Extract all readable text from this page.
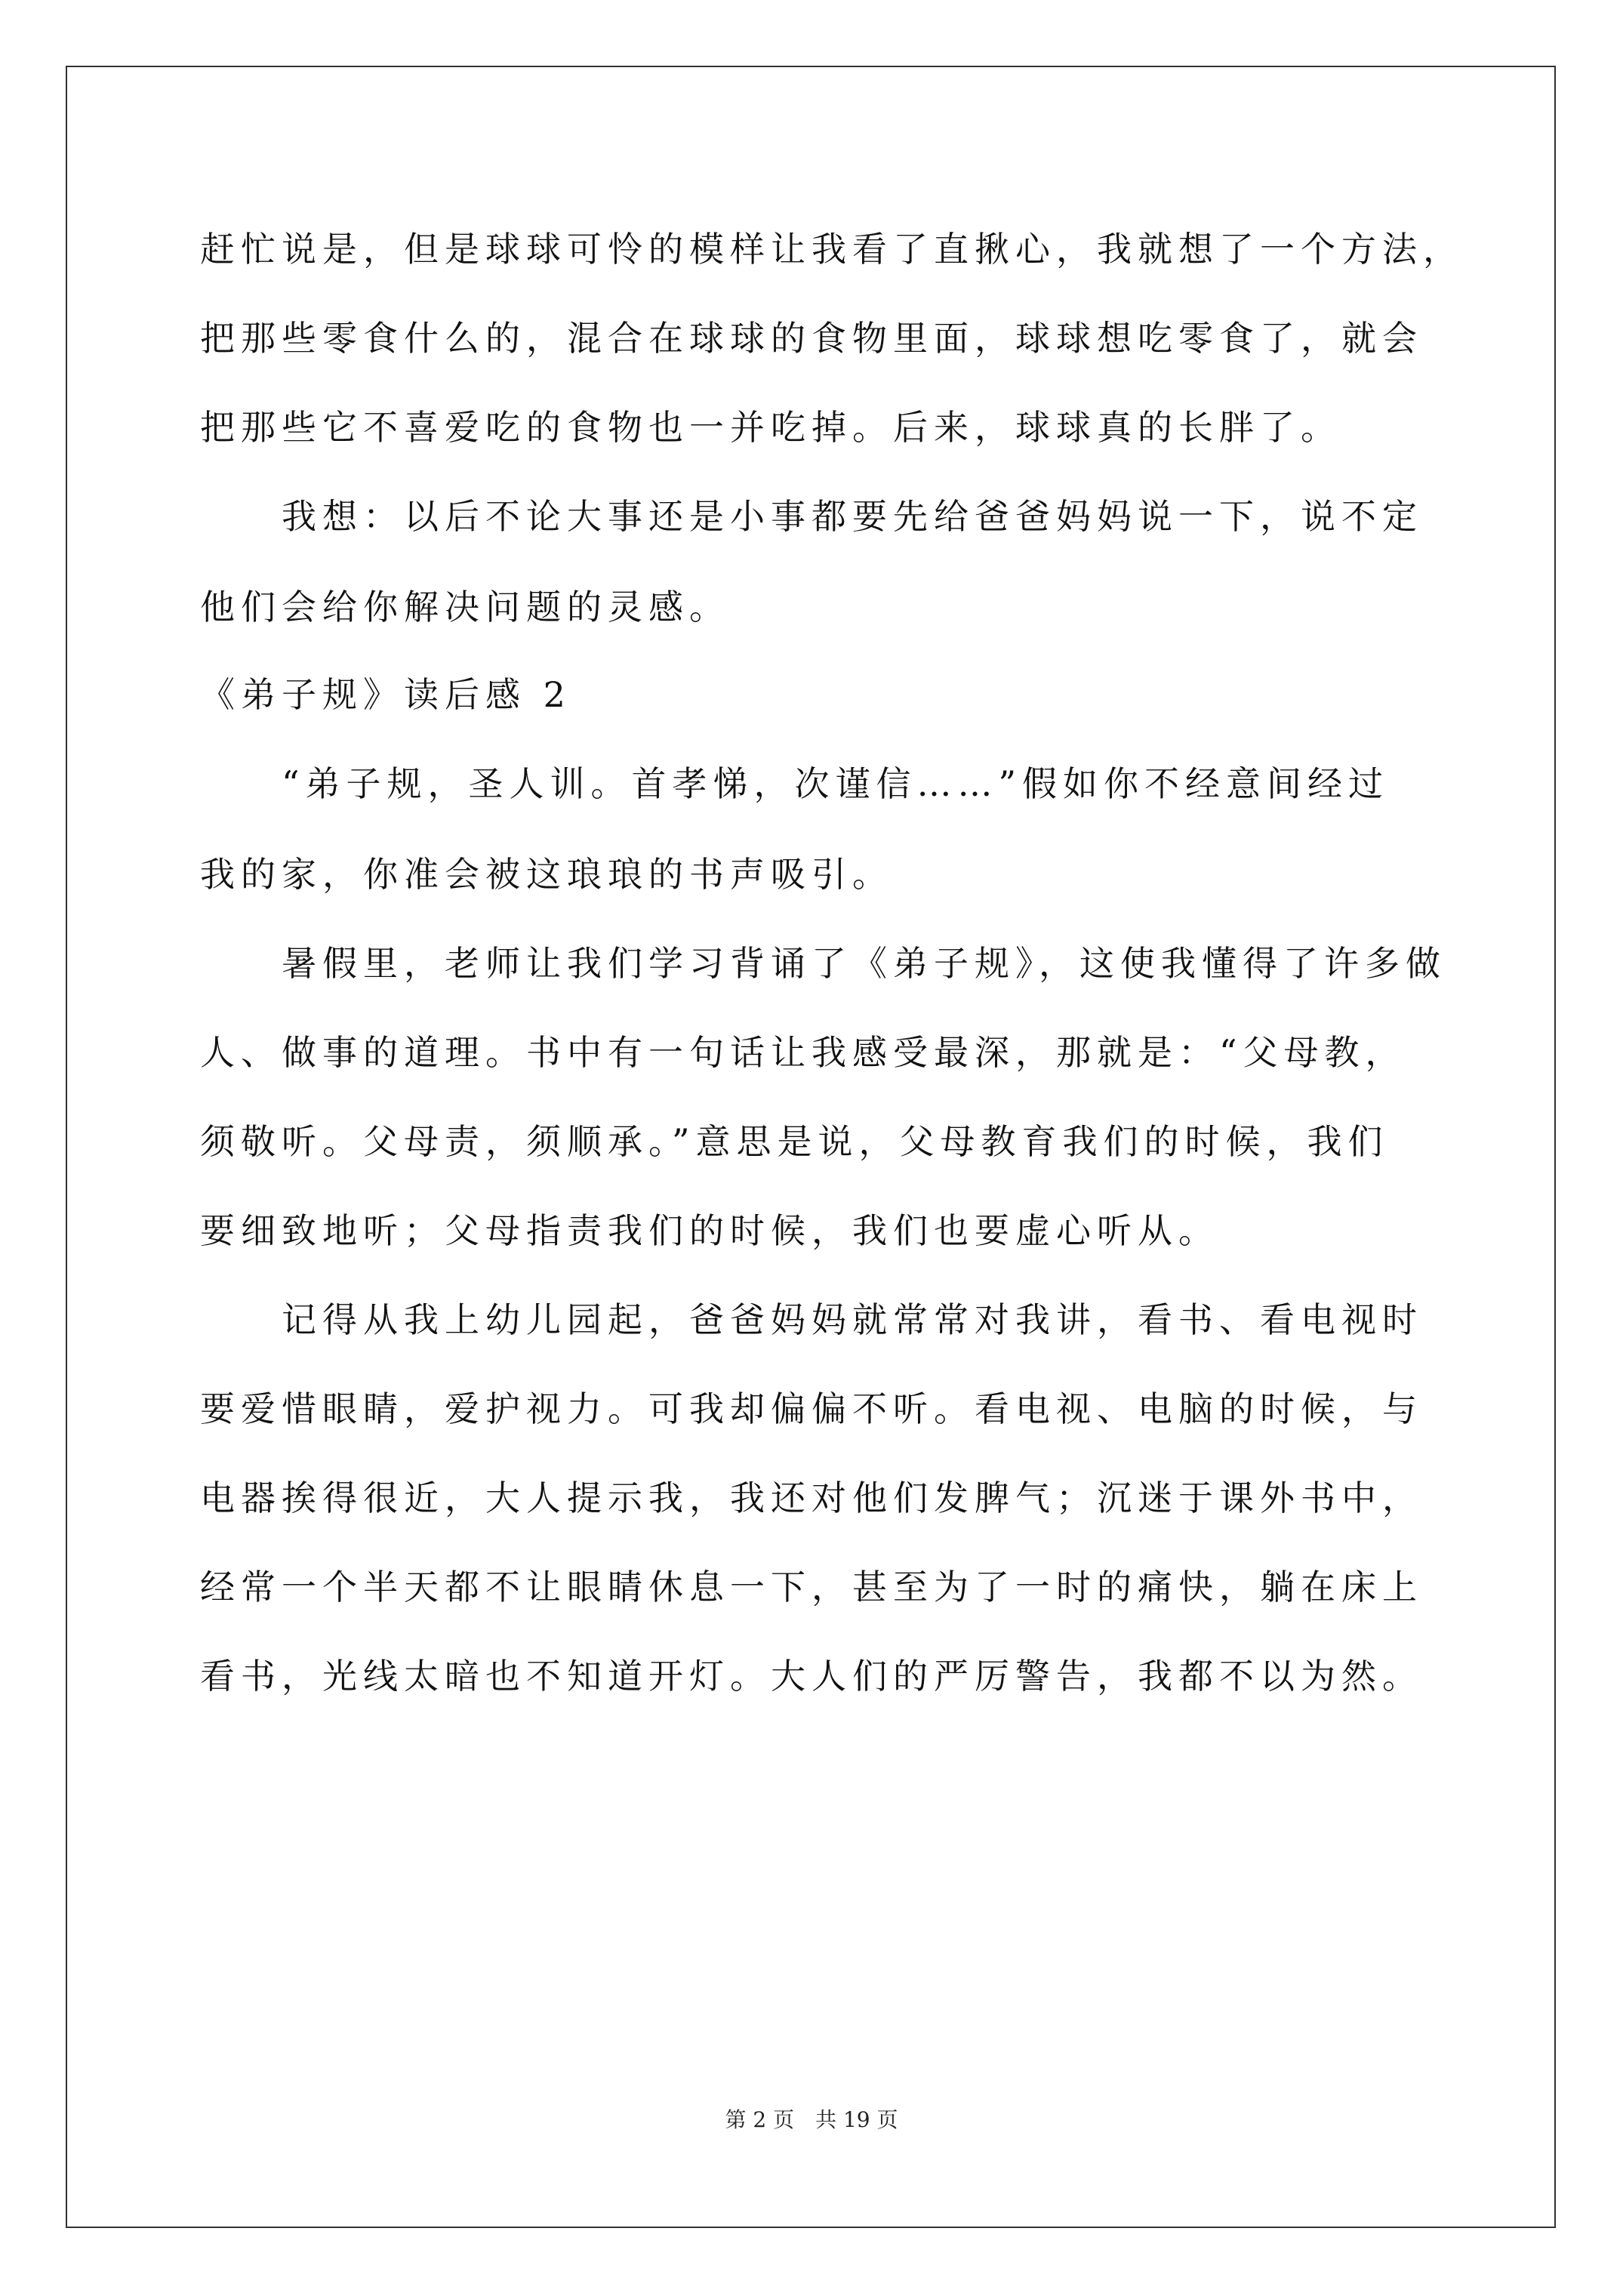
赶忙说是，但是球球可怜的模样让我看了直揪心，我就想了一个方法，
把那些零食什么的，混合在球球的食物里面，球球想吃零食了，就会
把那些它不喜爱吃的食物也一并吃掉。后来，球球真的长胖了。
　　我想：以后不论大事还是小事都要先给爸爸妈妈说一下，说不定
他们会给你解决问题的灵感。
《弟子规》读后感 2
　　“弟子规，圣人训。首孝悌，次谨信……”假如你不经意间经过
我的家，你准会被这琅琅的书声吸引。
　　暑假里，老师让我们学习背诵了《弟子规》，这使我懂得了许多做
人、做事的道理。书中有一句话让我感受最深，那就是：“父母教，
须敬听。父母责，须顺承。”意思是说，父母教育我们的时候，我们
要细致地听；父母指责我们的时候，我们也要虚心听从。
　　记得从我上幼儿园起，爸爸妈妈就常常对我讲，看书、看电视时
要爱惜眼睛，爱护视力。可我却偏偏不听。看电视、电脑的时候，与
电器挨得很近，大人提示我，我还对他们发脾气；沉迷于课外书中，
经常一个半天都不让眼睛休息一下，甚至为了一时的痛快，躺在床上
看书，光线太暗也不知道开灯。大人们的严厉警告，我都不以为然。
第 2 页　共 19 页
